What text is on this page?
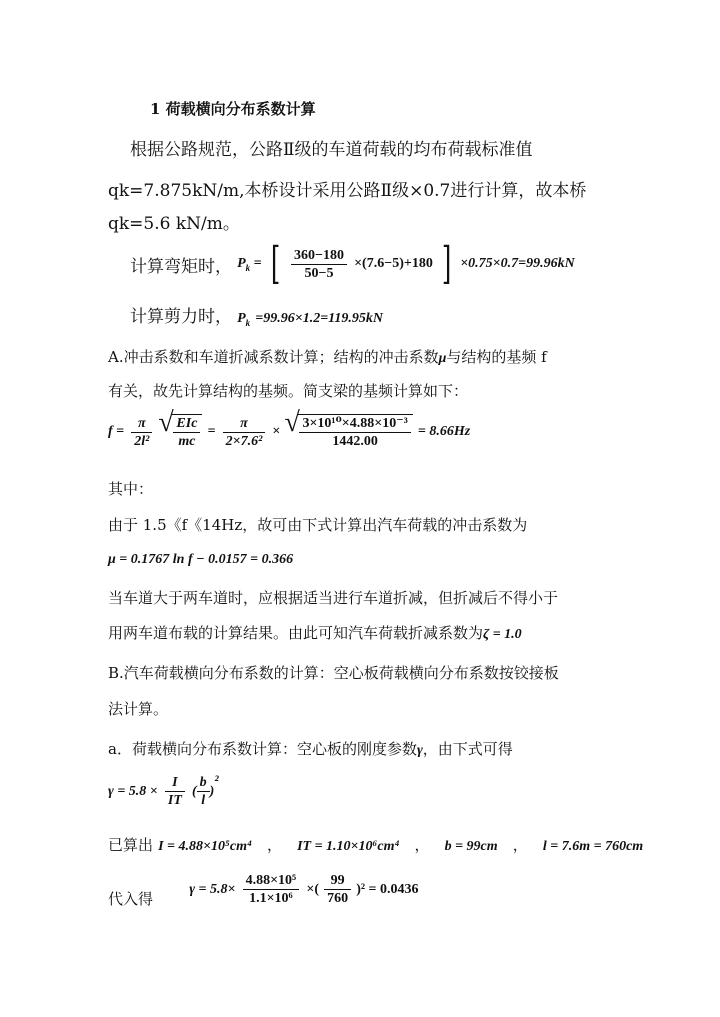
1 荷载横向分布系数计算
根据公路规范，公路Ⅱ级的车道荷载的均布荷载标准值
qk=7.875kN/m,本桥设计采用公路Ⅱ级×0.7进行计算，故本桥
qk=5.6 kN/m。
计算弯矩时， $P_k$ = [ $\frac{360-180}{50-5} \times(7.6-5)+180$ ] ×0.75×0.7=99.96kN
计算剪力时， $P_k =99.96\times 1.2=119.95kN$
A.冲击系数和车道折减系数计算；结构的冲击系数μ与结构的基频 f
有关，故先计算结构的基频。简支梁的基频计算如下：
$f = \frac{\pi}{\text{2l²}}$
√ $\frac{\text{EIc}}{mc} = \frac{\pi}{\text{2×7.6²}}$ × √ $\frac{\text{3×10¹⁰×4.88×10⁻³}}{1442.00} = 8.66Hz$
其中：
由于 1.5《f《14Hz，故可由下式计算出汽车荷载的冲击系数为
μ = 0.1767 ln f − 0.0157 = 0.366
当车道大于两车道时，应根据适当进行车道折减，但折减后不得小于
用两车道布载的计算结果。由此可知汽车荷载折减系数为ζ = 1.0
B.汽车荷载横向分布系数的计算：空心板荷载横向分布系数按铰接板
法计算。
a．荷载横向分布系数计算：空心板的刚度参数γ，由下式可得
$\gamma = 5.8 \times \frac{I}{IT}$ ( $\frac{b}{l} )^2$
已算出 I = 4.88×10⁵cm⁴ ， IT = 1.10×10⁶cm⁴ ， b = 99cm ， l = 7.6m = 760cm
代入得  $\gamma = 5.8\times \frac{\text{4.88×10⁵}}{\text{1.1×10⁶}}$ ×( $\frac{99}{760} )^2 = 0.0436$
